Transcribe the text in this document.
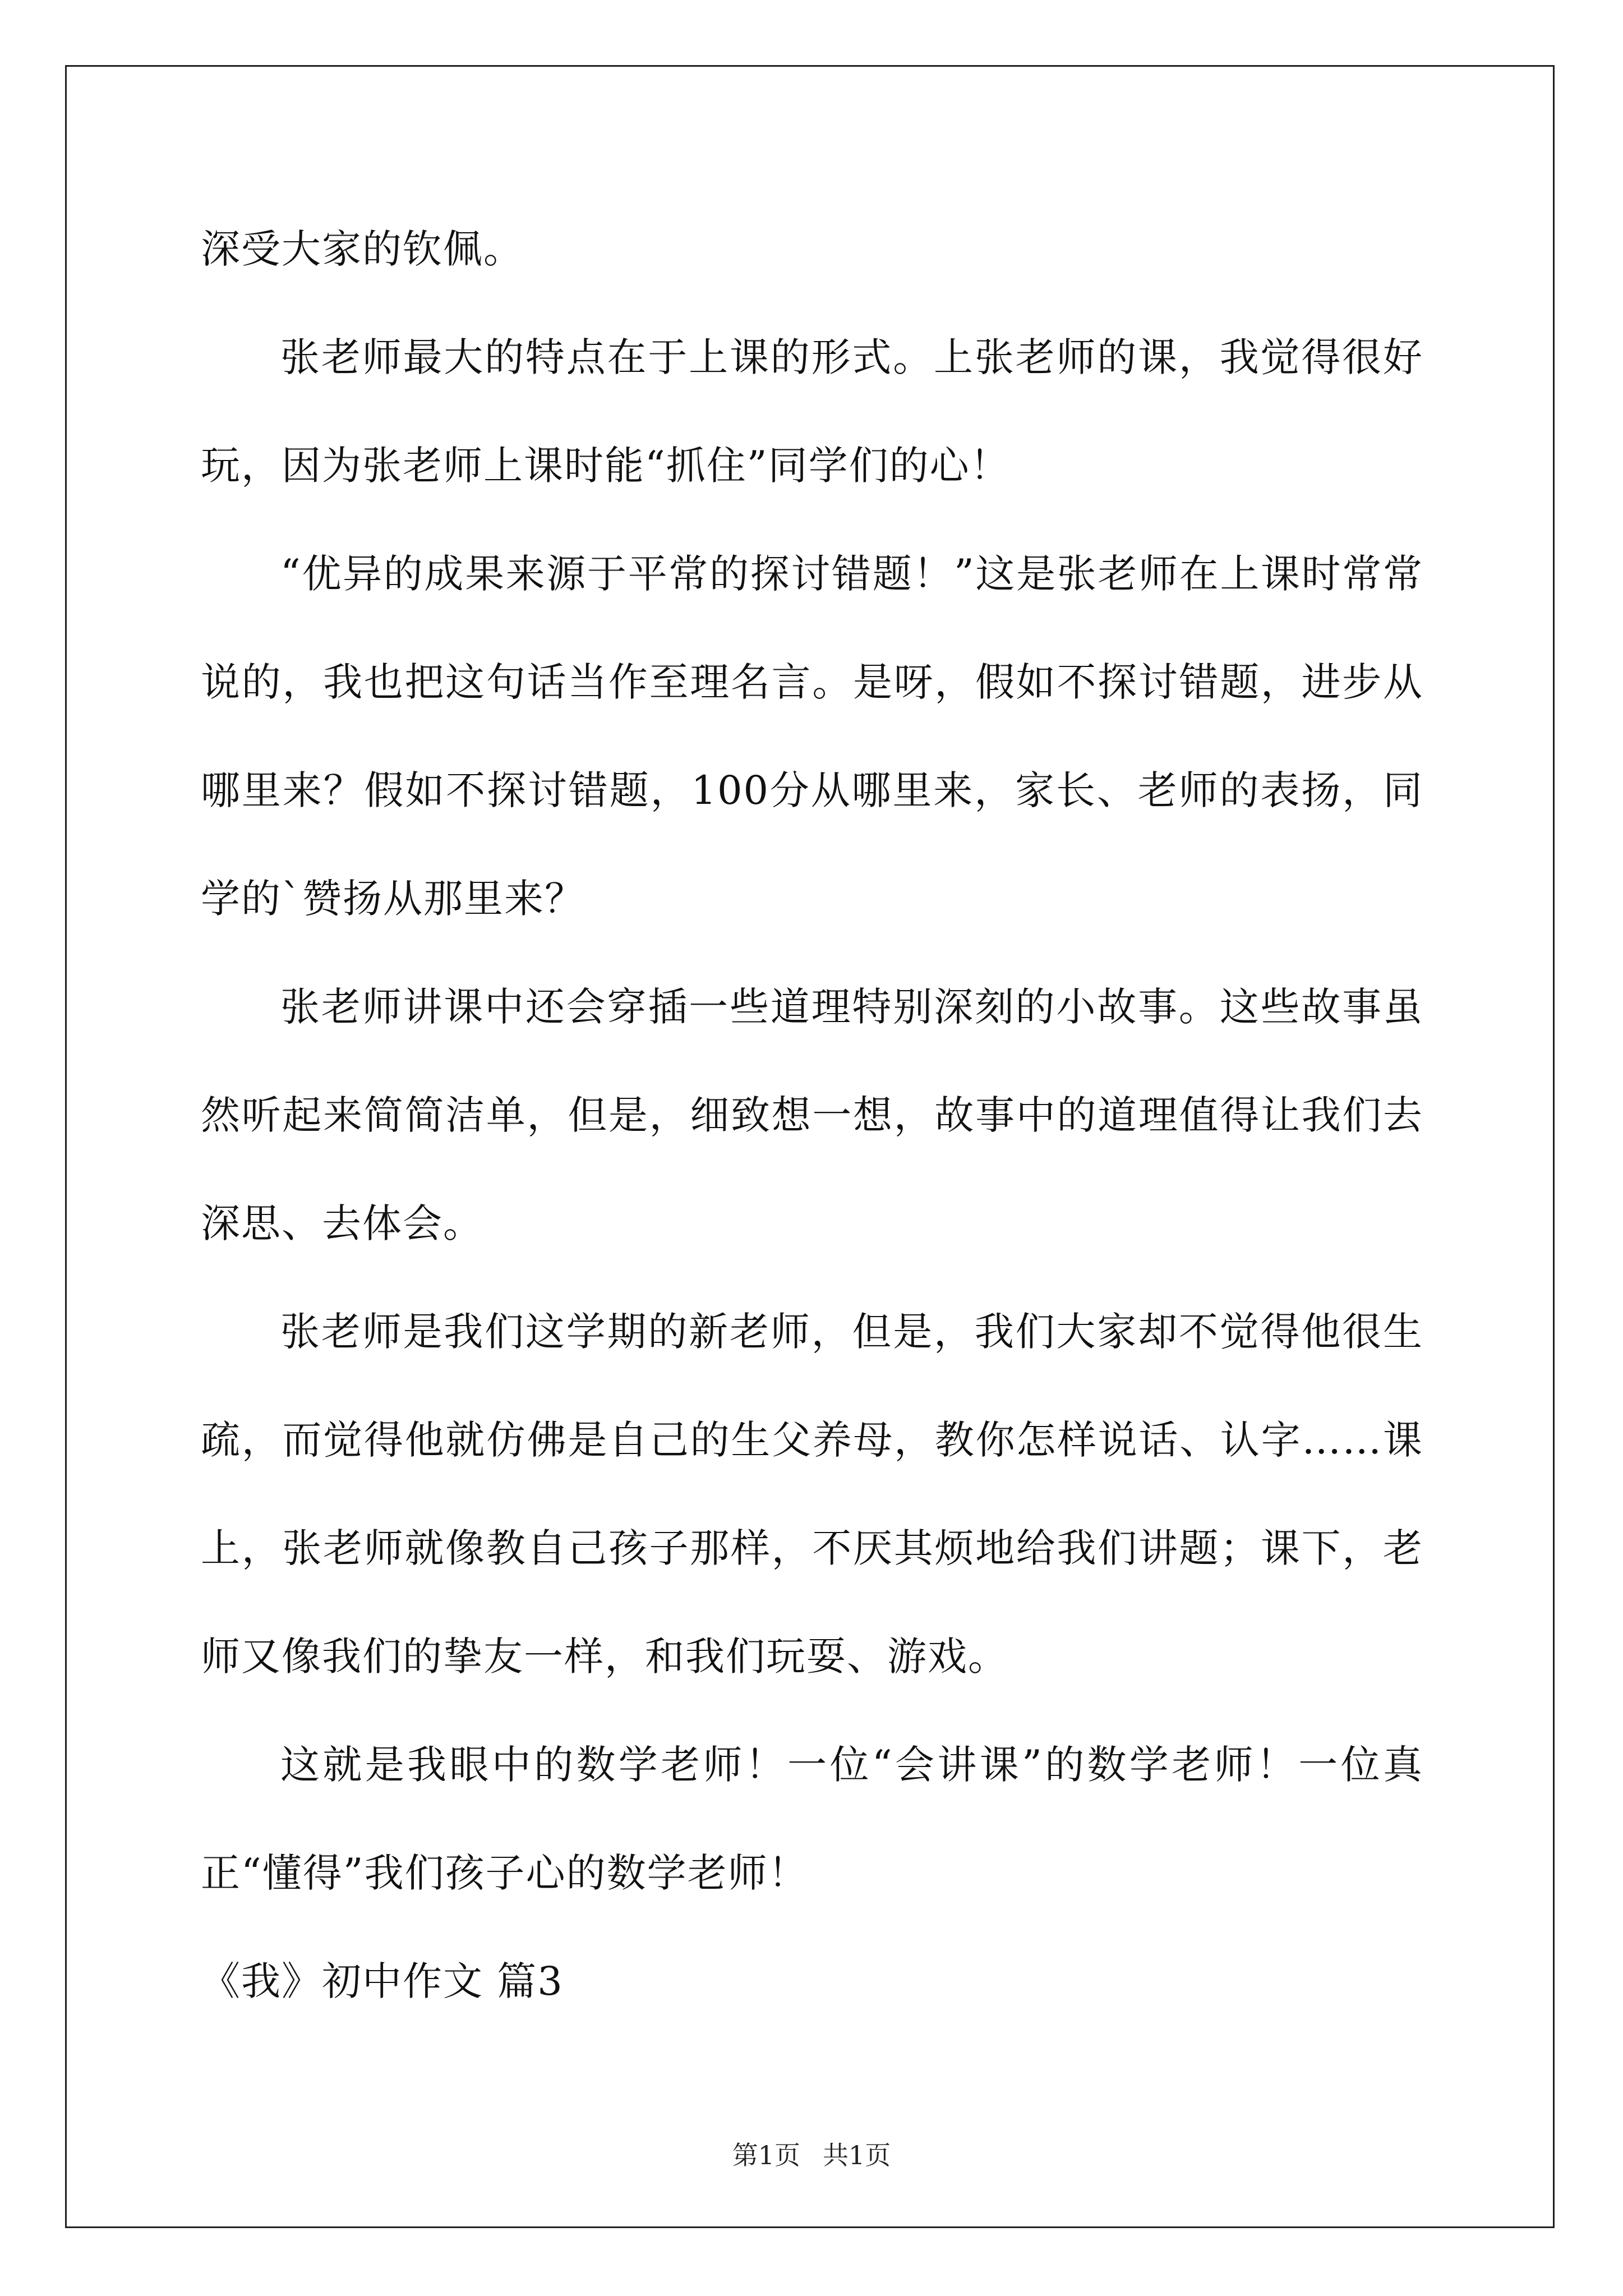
深受大家的钦佩。

张老师最大的特点在于上课的形式。上张老师的课，我觉得很好玩，因为张老师上课时能“抓住”同学们的心！

“优异的成果来源于平常的探讨错题！”这是张老师在上课时常常说的，我也把这句话当作至理名言。是呀，假如不探讨错题，进步从哪里来？假如不探讨错题，100分从哪里来，家长、老师的表扬，同学的`赞扬从那里来？

张老师讲课中还会穿插一些道理特别深刻的小故事。这些故事虽然听起来简简洁单，但是，细致想一想，故事中的道理值得让我们去深思、去体会。

张老师是我们这学期的新老师，但是，我们大家却不觉得他很生疏，而觉得他就仿佛是自己的生父养母，教你怎样说话、认字……课上，张老师就像教自己孩子那样，不厌其烦地给我们讲题；课下，老师又像我们的挚友一样，和我们玩耍、游戏。

这就是我眼中的数学老师！一位“会讲课”的数学老师！一位真正“懂得”我们孩子心的数学老师！

《我》初中作文 篇3

第1页 共1页
